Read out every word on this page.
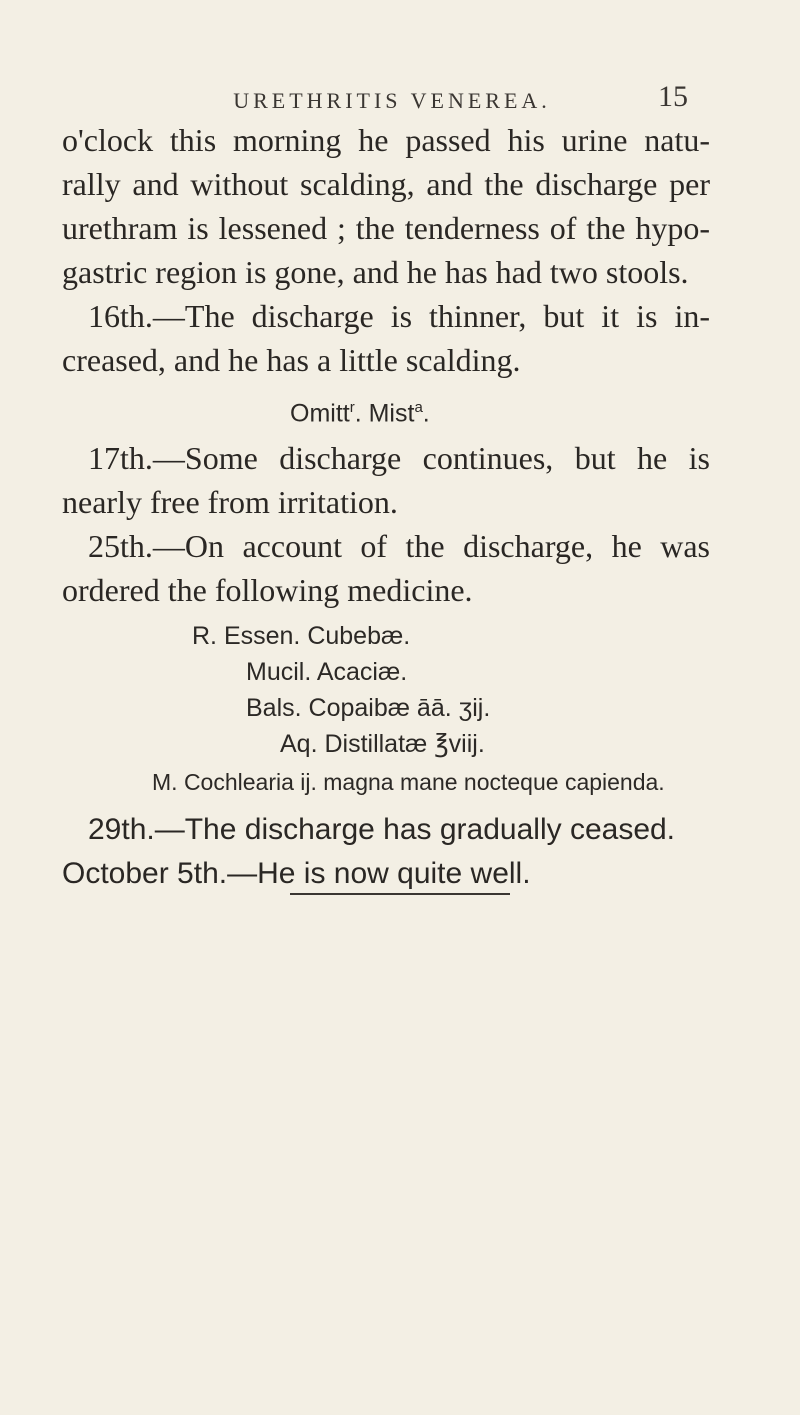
URETHRITIS VENEREA.	15
o'clock this morning he passed his urine natu-
rally and without scalding, and the discharge per
urethram is lessened ; the tenderness of the hypo-
gastric region is gone, and he has had two stools.
16th.—The discharge is thinner, but it is in-
creased, and he has a little scalding.
Omitt$^r$. Mist$^a$.
17th.—Some discharge continues, but he is
nearly free from irritation.
25th.—On account of the discharge, he was
ordered the following medicine.
R. Essen. Cubebæ.
Mucil. Acaciæ.
Bals. Copaibæ āā. ʒij.
Aq. Distillatæ ℥viij.
M. Cochlearia ij. magna mane nocteque capienda.
29th.—The discharge has gradually ceased.
October 5th.—He is now quite well.
